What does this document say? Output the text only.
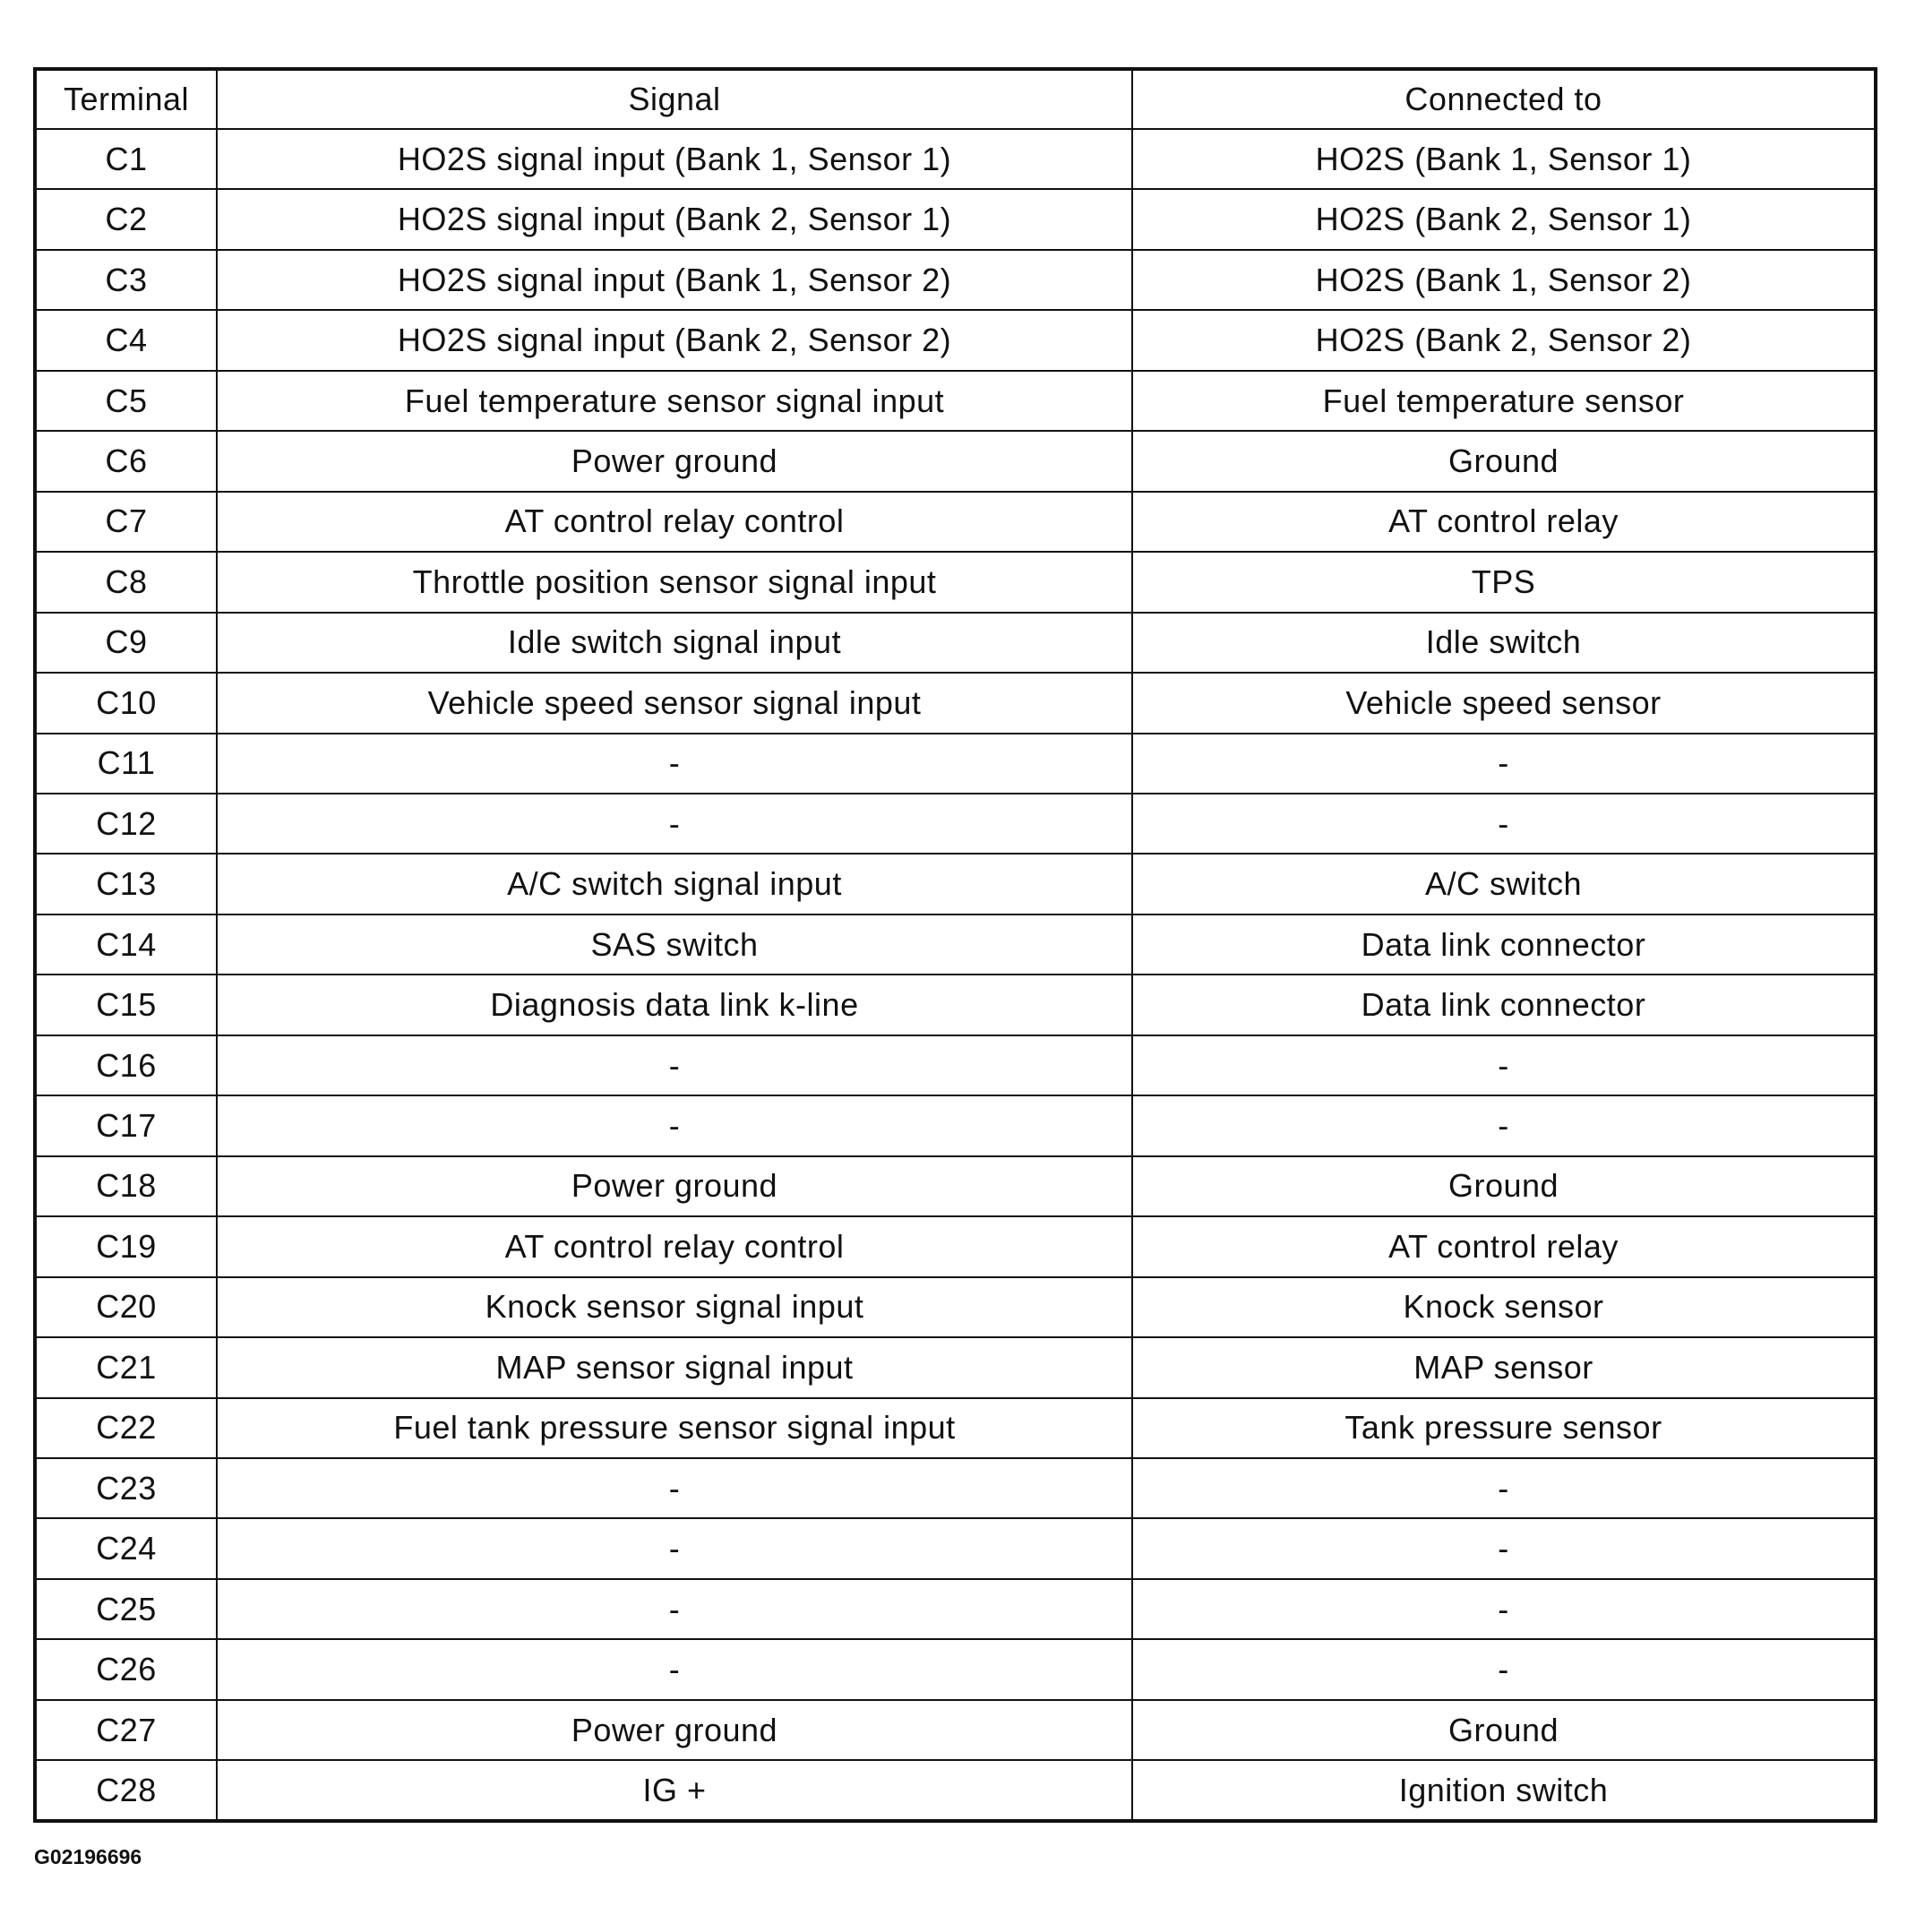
Terminal	Signal	Connected to
C1	HO2S signal input (Bank 1, Sensor 1)	HO2S (Bank 1, Sensor 1)
C2	HO2S signal input (Bank 2, Sensor 1)	HO2S (Bank 2, Sensor 1)
C3	HO2S signal input (Bank 1, Sensor 2)	HO2S (Bank 1, Sensor 2)
C4	HO2S signal input (Bank 2, Sensor 2)	HO2S (Bank 2, Sensor 2)
C5	Fuel temperature sensor signal input	Fuel temperature sensor
C6	Power ground	Ground
C7	AT control relay control	AT control relay
C8	Throttle position sensor signal input	TPS
C9	Idle switch signal input	Idle switch
C10	Vehicle speed sensor signal input	Vehicle speed sensor
C11	-	-
C12	-	-
C13	A/C switch signal input	A/C switch
C14	SAS switch	Data link connector
C15	Diagnosis data link k-line	Data link connector
C16	-	-
C17	-	-
C18	Power ground	Ground
C19	AT control relay control	AT control relay
C20	Knock sensor signal input	Knock sensor
C21	MAP sensor signal input	MAP sensor
C22	Fuel tank pressure sensor signal input	Tank pressure sensor
C23	-	-
C24	-	-
C25	-	-
C26	-	-
C27	Power ground	Ground
C28	IG +	Ignition switch
G02196696
